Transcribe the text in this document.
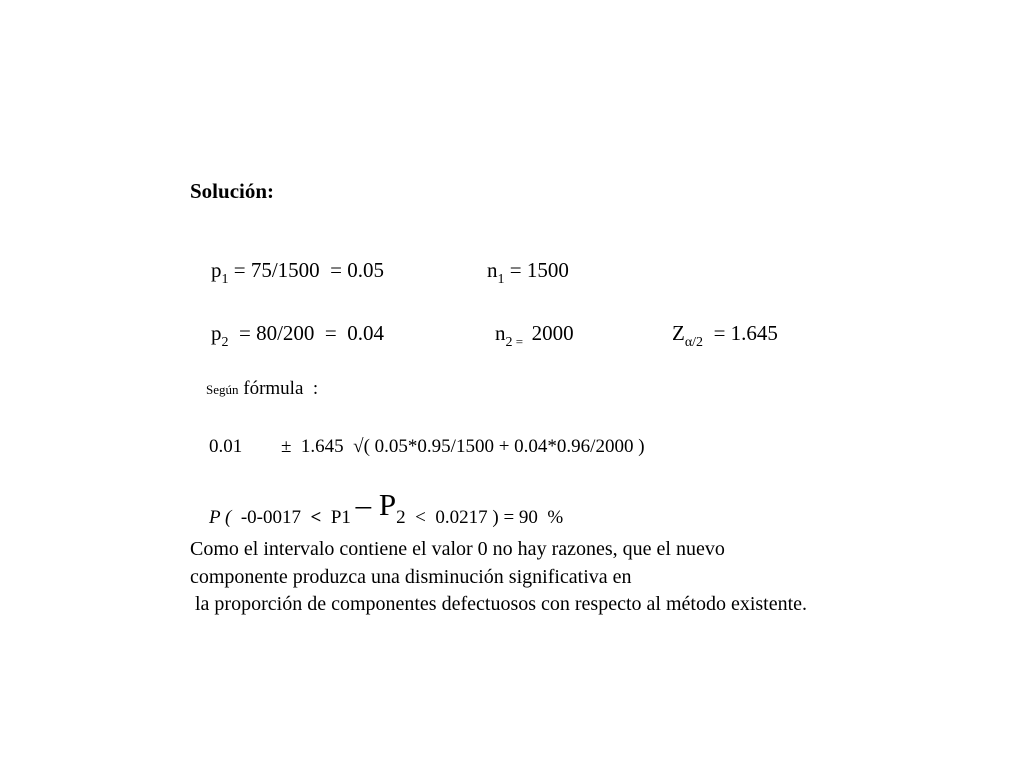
Solución:

$p_1 = 75/1500 = 0.05$
	$n_1 = 1500$

$p_2 = 80/200 = 0.04$
	$n_2$ $_=$  2000
	$Z_{\alpha/2} = 1.645$

Según fórmula  :

0.01
	±  1.645  √( 0.05*0.95/1500 + 0.04*0.96/2000 )

P (  -0-0017  <  P1 – P2  <  0.0217 ) = 90  %

Como el intervalo contiene el valor 0 no hay razones, que el nuevo
componente produzca una disminución significativa en
la proporción de componentes defectuosos con respecto al método existente.
